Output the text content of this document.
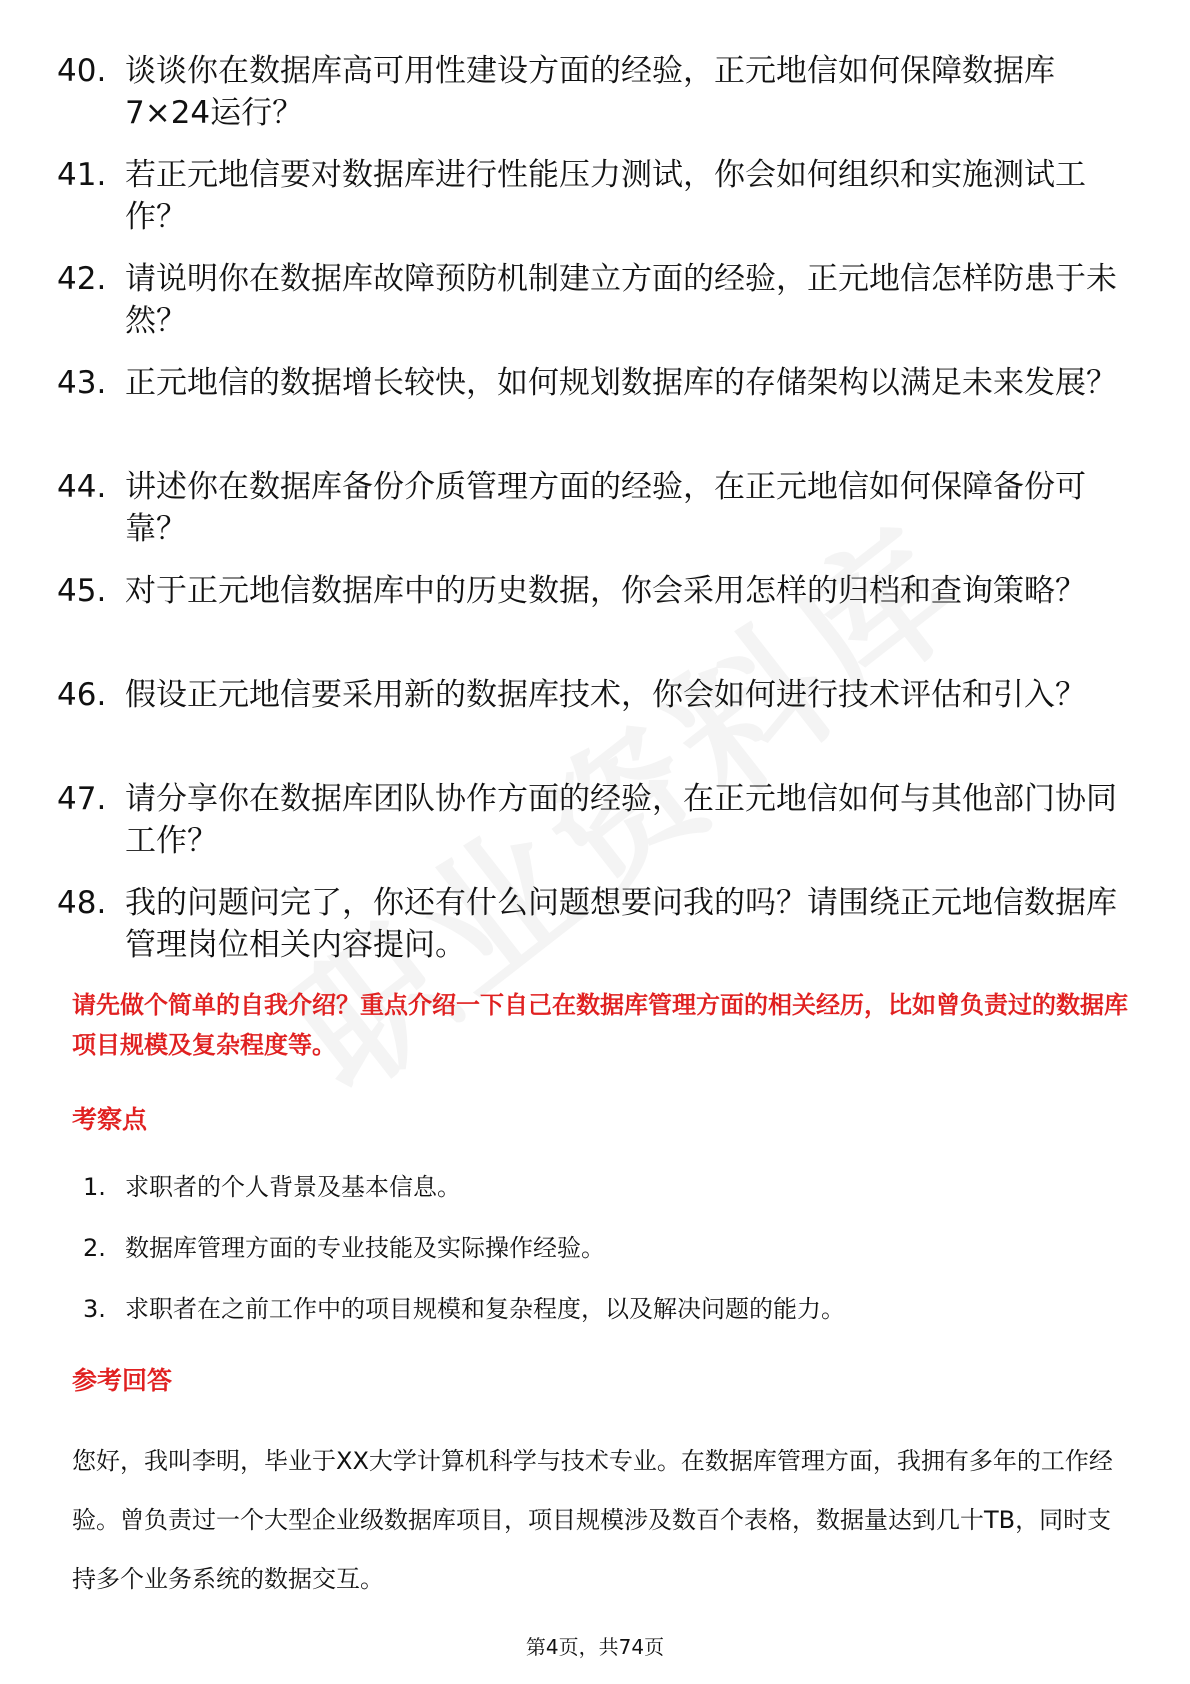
40. 谈谈你在数据库高可用性建设方面的经验，正元地信如何保障数据库7×24运行？
41. 若正元地信要对数据库进行性能压力测试，你会如何组织和实施测试工作？
42. 请说明你在数据库故障预防机制建立方面的经验，正元地信怎样防患于未然？
43. 正元地信的数据增长较快，如何规划数据库的存储架构以满足未来发展？
44. 讲述你在数据库备份介质管理方面的经验，在正元地信如何保障备份可靠？
45. 对于正元地信数据库中的历史数据，你会采用怎样的归档和查询策略？
46. 假设正元地信要采用新的数据库技术，你会如何进行技术评估和引入？
47. 请分享你在数据库团队协作方面的经验，在正元地信如何与其他部门协同工作？
48. 我的问题问完了，你还有什么问题想要问我的吗？请围绕正元地信数据库管理岗位相关内容提问。
请先做个简单的自我介绍？重点介绍一下自己在数据库管理方面的相关经历，比如曾负责过的数据库项目规模及复杂程度等。
考察点
1. 求职者的个人背景及基本信息。
2. 数据库管理方面的专业技能及实际操作经验。
3. 求职者在之前工作中的项目规模和复杂程度，以及解决问题的能力。
参考回答

您好，我叫李明，毕业于XX大学计算机科学与技术专业。在数据库管理方面，我拥有多年的工作经验。曾负责过一个大型企业级数据库项目，项目规模涉及数百个表格，数据量达到几十TB，同时支持多个业务系统的数据交互。

第4页，共74页
